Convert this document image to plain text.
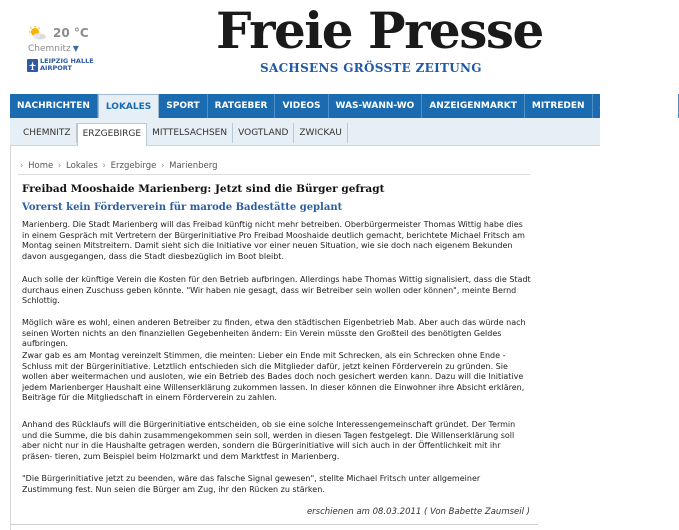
20 °C
Chemnitz ▼
LEIPZIG HALLE
AIRPORT
Freie Presse
SACHSENS GRÖSSTE ZEITUNG
NACHRICHTEN LOKALES SPORT RATGEBER VIDEOS WAS-WANN-WO ANZEIGENMARKT MITREDEN ABONNEMENT
CHEMNITZ ERZGEBIRGE MITTELSACHSEN VOGTLAND ZWICKAU
› Home › Lokales › Erzgebirge › Marienberg
Freibad Mooshaide Marienberg: Jetzt sind die Bürger gefragt
Vorerst kein Förderverein für marode Badestätte geplant

Marienberg. Die Stadt Marienberg will das Freibad künftig nicht mehr betreiben. Oberbürgermeister Thomas Wittig habe dies in einem Gespräch mit Vertretern der Bürgerinitiative Pro Freibad Mooshaide deutlich gemacht, berichtete Michael Fritsch am Montag seinen Mitstreitern. Damit sieht sich die Initiative vor einer neuen Situation, wie sie doch nach eigenem Bekunden davon ausgegangen, dass die Stadt diesbezüglich im Boot bleibt.

Auch solle der künftige Verein die Kosten für den Betrieb aufbringen. Allerdings habe Thomas Wittig signalisiert, dass die Stadt durchaus einen Zuschuss geben könnte. "Wir haben nie gesagt, dass wir Betreiber sein wollen oder können", meinte Bernd Schlottig.

Möglich wäre es wohl, einen anderen Betreiber zu finden, etwa den städtischen Eigenbetrieb Mab. Aber auch das würde nach seinen Worten nichts an den finanziellen Gegebenheiten ändern: Ein Verein müsste den Großteil des benötigten Geldes aufbringen.

Zwar gab es am Montag vereinzelt Stimmen, die meinten: Lieber ein Ende mit Schrecken, als ein Schrecken ohne Ende - Schluss mit der Bürgerinitiative. Letztlich entschieden sich die Mitglieder dafür, jetzt keinen Förderverein zu gründen. Sie wollen aber weitermachen und ausloten, wie ein Betrieb des Bades doch noch gesichert werden kann. Dazu will die Initiative jedem Marienberger Haushalt eine Willenserklärung zukommen lassen. In dieser können die Einwohner ihre Absicht erklären, Beiträge für die Mitgliedschaft in einem Förderverein zu zahlen.

Anhand des Rücklaufs will die Bürgerinitiative entscheiden, ob sie eine solche Interessengemeinschaft gründet. Der Termin und die Summe, die bis dahin zusammengekommen sein soll, werden in diesen Tagen festgelegt. Die Willenserklärung soll aber nicht nur in die Haushalte getragen werden, sondern die Bürgerinitiative will sich auch in der Öffentlichkeit mit ihr präsen- tieren, zum Beispiel beim Holzmarkt und dem Marktfest in Marienberg.

"Die Bürgerinitiative jetzt zu beenden, wäre das falsche Signal gewesen", stellte Michael Fritsch unter allgemeiner Zustimmung fest. Nun seien die Bürger am Zug, ihr den Rücken zu stärken.

erschienen am 08.03.2011 ( Von Babette Zaumseil )
